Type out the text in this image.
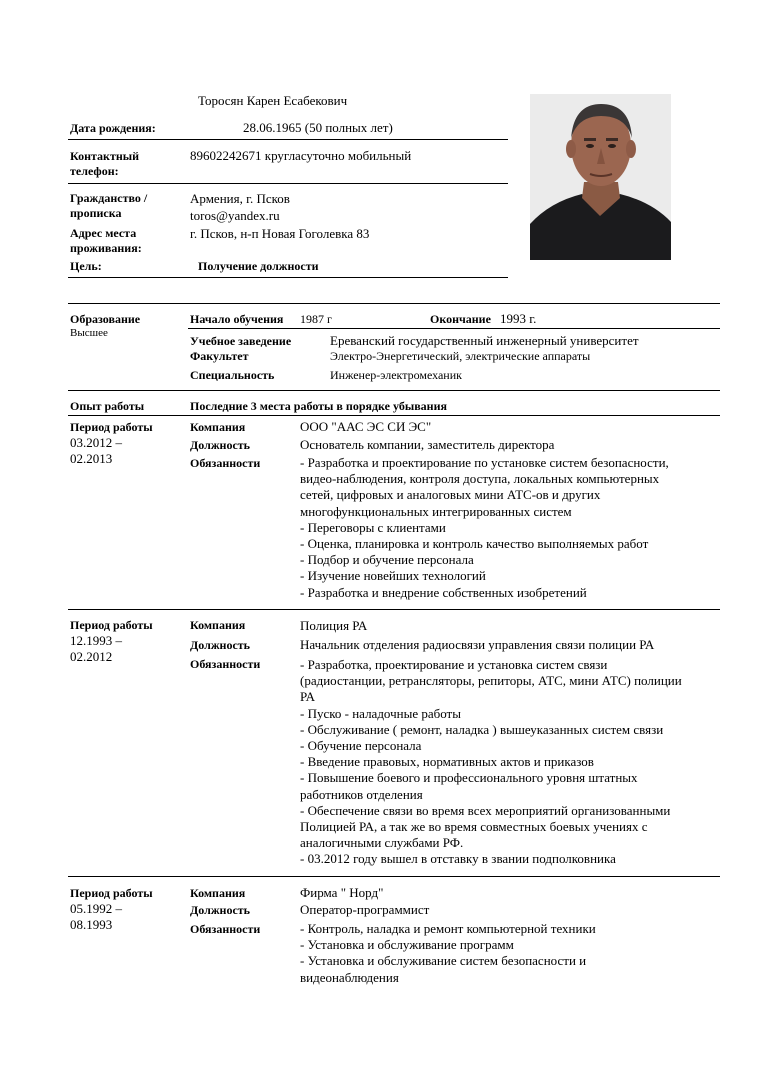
Торосян Карен Есабекович
Дата рождения:	28.06.1965 (50 полных лет)
Контактный
телефон:
89602242671 кругласуточно мобильный
Гражданство /
прописка
Армения, г. Псков
toros@yandex.ru
Адрес места
проживания:
г. Псков, н-п Новая Гоголевка 83
Цель:	Получение должности
Образование
Высшее
Начало обучения 1987 г	Окончание 1993 г.
Учебное заведение	Ереванский государственный инженерный университет
Факультет	Электро-Энергетический, электрические аппараты
Специальность	Инженер-электромеханик
Опыт работы	Последние 3 места работы в порядке убывания
Период работы
03.2012 –
02.2013
Компания	ООО "ААС ЭС СИ ЭС"
Должность	Основатель компании, заместитель директора
Обязанности	- Разработка и проектирование по установке систем безопасности,
видео-наблюдения, контроля доступа, локальных компьютерных
сетей, цифровых и аналоговых мини АТС-ов и других
многофункциональных интегрированных систем
- Переговоры с клиентами
- Оценка, планировка и контроль качество выполняемых работ
- Подбор и обучение персонала
- Изучение новейших технологий
- Разработка и внедрение собственных изобретений
Период работы
12.1993 –
02.2012
Компания	Полиция РА
Должность	Начальник отделения радиосвязи управления связи полиции РА
Обязанности	- Разработка, проектирование и установка систем связи
(радиостанции, ретрансляторы, репиторы, АТС, мини АТС) полиции
РА
- Пуско - наладочные работы
- Обслуживание ( ремонт, наладка ) вышеуказанных систем связи
- Обучение персонала
- Введение правовых, нормативных актов и приказов
- Повышение боевого и профессионального уровня штатных
работников отделения
- Обеспечение связи во время всех мероприятий организованными
Полицией РА, а так же во время совместных боевых учениях с
аналогичными службами РФ.
- 03.2012 году вышел в отставку в звании подполковника
Период работы
05.1992 –
08.1993
Компания	Фирма " Норд"
Должность	Оператор-программист
Обязанности	- Контроль, наладка и ремонт компьютерной техники
- Установка и обслуживание программ
- Установка и обслуживание систем безопасности и
видеонаблюдения
